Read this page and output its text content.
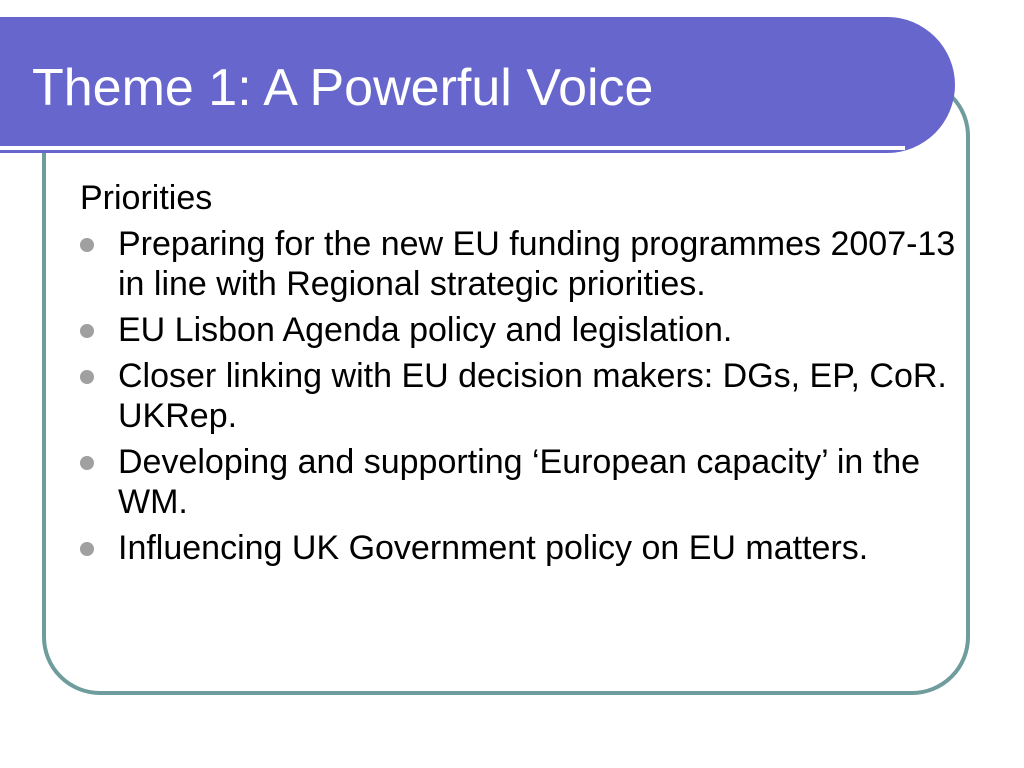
Theme 1: A Powerful Voice
Priorities
Preparing for the new EU funding programmes 2007-13 in line with Regional strategic priorities.
EU Lisbon Agenda policy and legislation.
Closer linking with EU decision makers: DGs, EP, CoR. UKRep.
Developing and supporting ‘European capacity’ in the WM.
Influencing UK Government policy on EU matters.
